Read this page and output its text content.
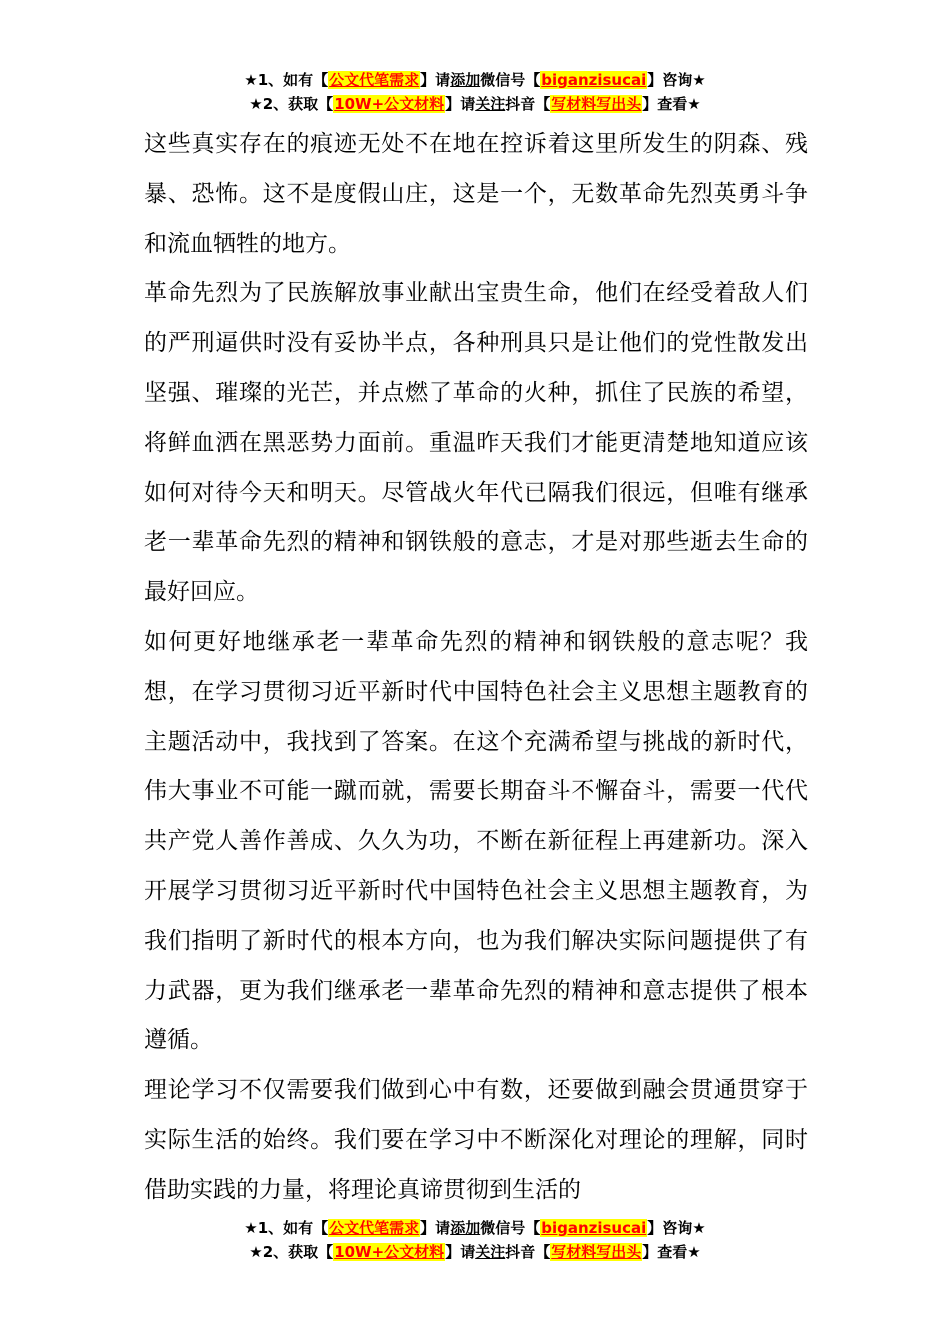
★1、如有【公文代笔需求】请添加微信号【biganzisucai】咨询★
★2、获取【10W+公文材料】请关注抖音【写材料写出头】查看★

这些真实存在的痕迹无处不在地在控诉着这里所发生的阴森、残暴、恐怖。这不是度假山庄，这是一个，无数革命先烈英勇斗争和流血牺牲的地方。

革命先烈为了民族解放事业献出宝贵生命，他们在经受着敌人们的严刑逼供时没有妥协半点，各种刑具只是让他们的党性散发出坚强、璀璨的光芒，并点燃了革命的火种，抓住了民族的希望，将鲜血洒在黑恶势力面前。重温昨天我们才能更清楚地知道应该如何对待今天和明天。尽管战火年代已隔我们很远，但唯有继承老一辈革命先烈的精神和钢铁般的意志，才是对那些逝去生命的最好回应。

如何更好地继承老一辈革命先烈的精神和钢铁般的意志呢？我想，在学习贯彻习近平新时代中国特色社会主义思想主题教育的主题活动中，我找到了答案。在这个充满希望与挑战的新时代，伟大事业不可能一蹴而就，需要长期奋斗不懈奋斗，需要一代代共产党人善作善成、久久为功，不断在新征程上再建新功。深入开展学习贯彻习近平新时代中国特色社会主义思想主题教育，为我们指明了新时代的根本方向，也为我们解决实际问题提供了有力武器，更为我们继承老一辈革命先烈的精神和意志提供了根本遵循。

理论学习不仅需要我们做到心中有数，还要做到融会贯通贯穿于实际生活的始终。我们要在学习中不断深化对理论的理解，同时借助实践的力量，将理论真谛贯彻到生活的

★1、如有【公文代笔需求】请添加微信号【biganzisucai】咨询★
★2、获取【10W+公文材料】请关注抖音【写材料写出头】查看★
